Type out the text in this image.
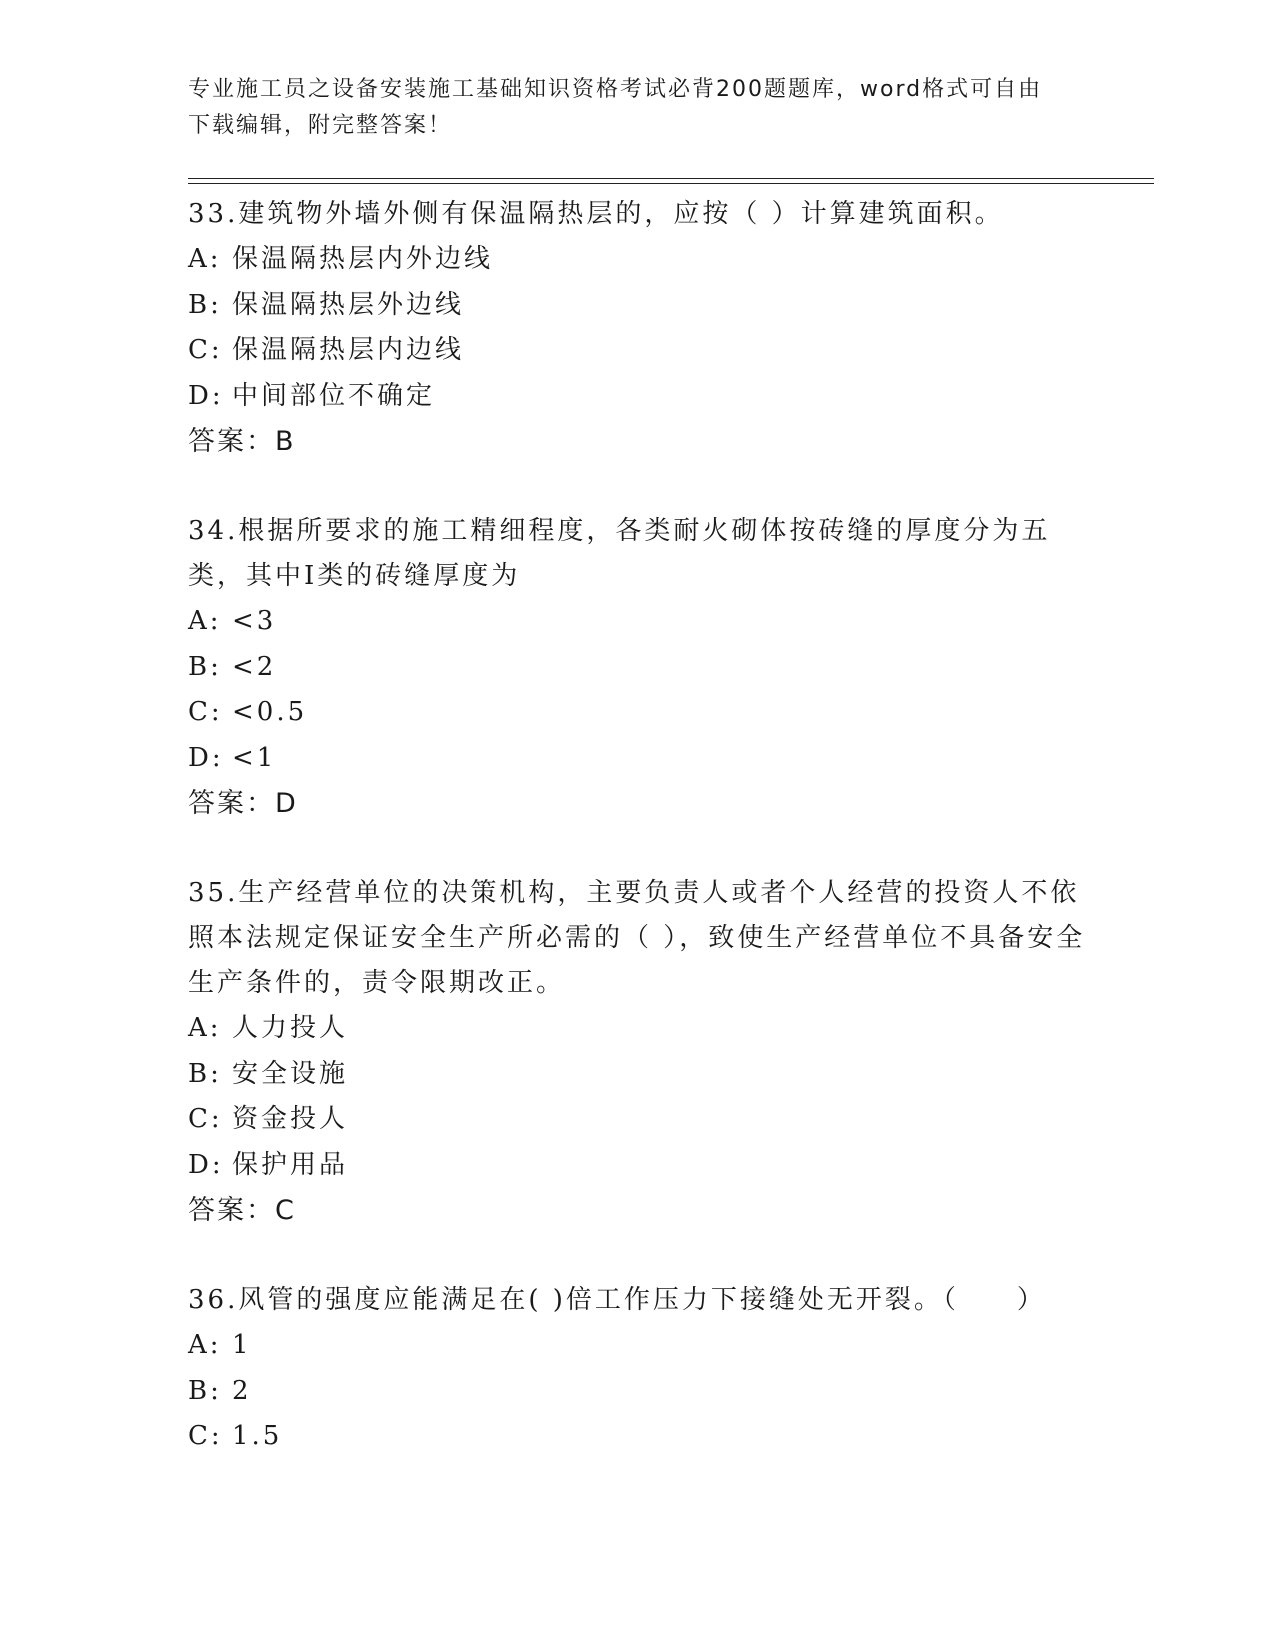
专业施工员之设备安装施工基础知识资格考试必背200题题库，word格式可自由
下载编辑，附完整答案！
33.建筑物外墙外侧有保温隔热层的，应按（ ）计算建筑面积。
A: 保温隔热层内外边线
B: 保温隔热层外边线
C: 保温隔热层内边线
D: 中间部位不确定
答案：B
34.根据所要求的施工精细程度，各类耐火砌体按砖缝的厚度分为五类，其中Ⅰ类的砖缝厚度为
A: <3
B: <2
C: <0.5
D: <1
答案：D
35.生产经营单位的决策机构，主要负责人或者个人经营的投资人不依照本法规定保证安全生产所必需的（ ），致使生产经营单位不具备安全生产条件的，责令限期改正。
A: 人力投人
B: 安全设施
C: 资金投人
D: 保护用品
答案：C
36.风管的强度应能满足在( )倍工作压力下接缝处无开裂。（　　）
A: 1
B: 2
C: 1.5
